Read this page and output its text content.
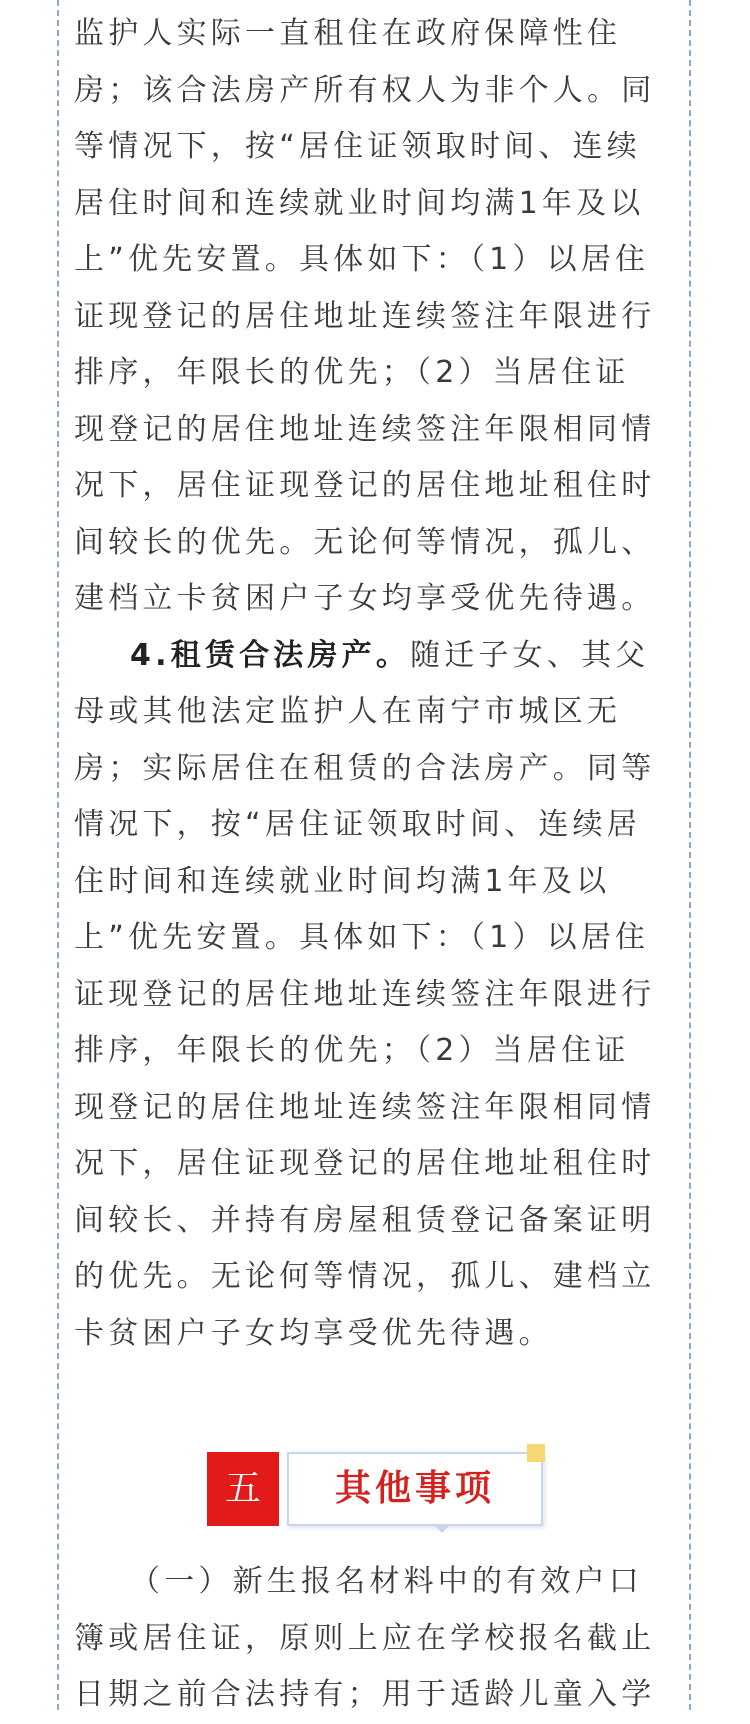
监护人实际一直租住在政府保障性住
房；该合法房产所有权人为非个人。同
等情况下，按“居住证领取时间、连续
居住时间和连续就业时间均满1年及以
上”优先安置。具体如下：（1）以居住
证现登记的居住地址连续签注年限进行
排序，年限长的优先；（2）当居住证
现登记的居住地址连续签注年限相同情
况下，居住证现登记的居住地址租住时
间较长的优先。无论何等情况，孤儿、
建档立卡贫困户子女均享受优先待遇。
4.租赁合法房产。随迁子女、其父
母或其他法定监护人在南宁市城区无
房；实际居住在租赁的合法房产。同等
情况下，按“居住证领取时间、连续居
住时间和连续就业时间均满1年及以
上”优先安置。具体如下：（1）以居住
证现登记的居住地址连续签注年限进行
排序，年限长的优先；（2）当居住证
现登记的居住地址连续签注年限相同情
况下，居住证现登记的居住地址租住时
间较长、并持有房屋租赁登记备案证明
的优先。无论何等情况，孤儿、建档立
卡贫困户子女均享受优先待遇。
五	其他事项
（一）新生报名材料中的有效户口
簿或居住证，原则上应在学校报名截止
日期之前合法持有；用于适龄儿童入学
